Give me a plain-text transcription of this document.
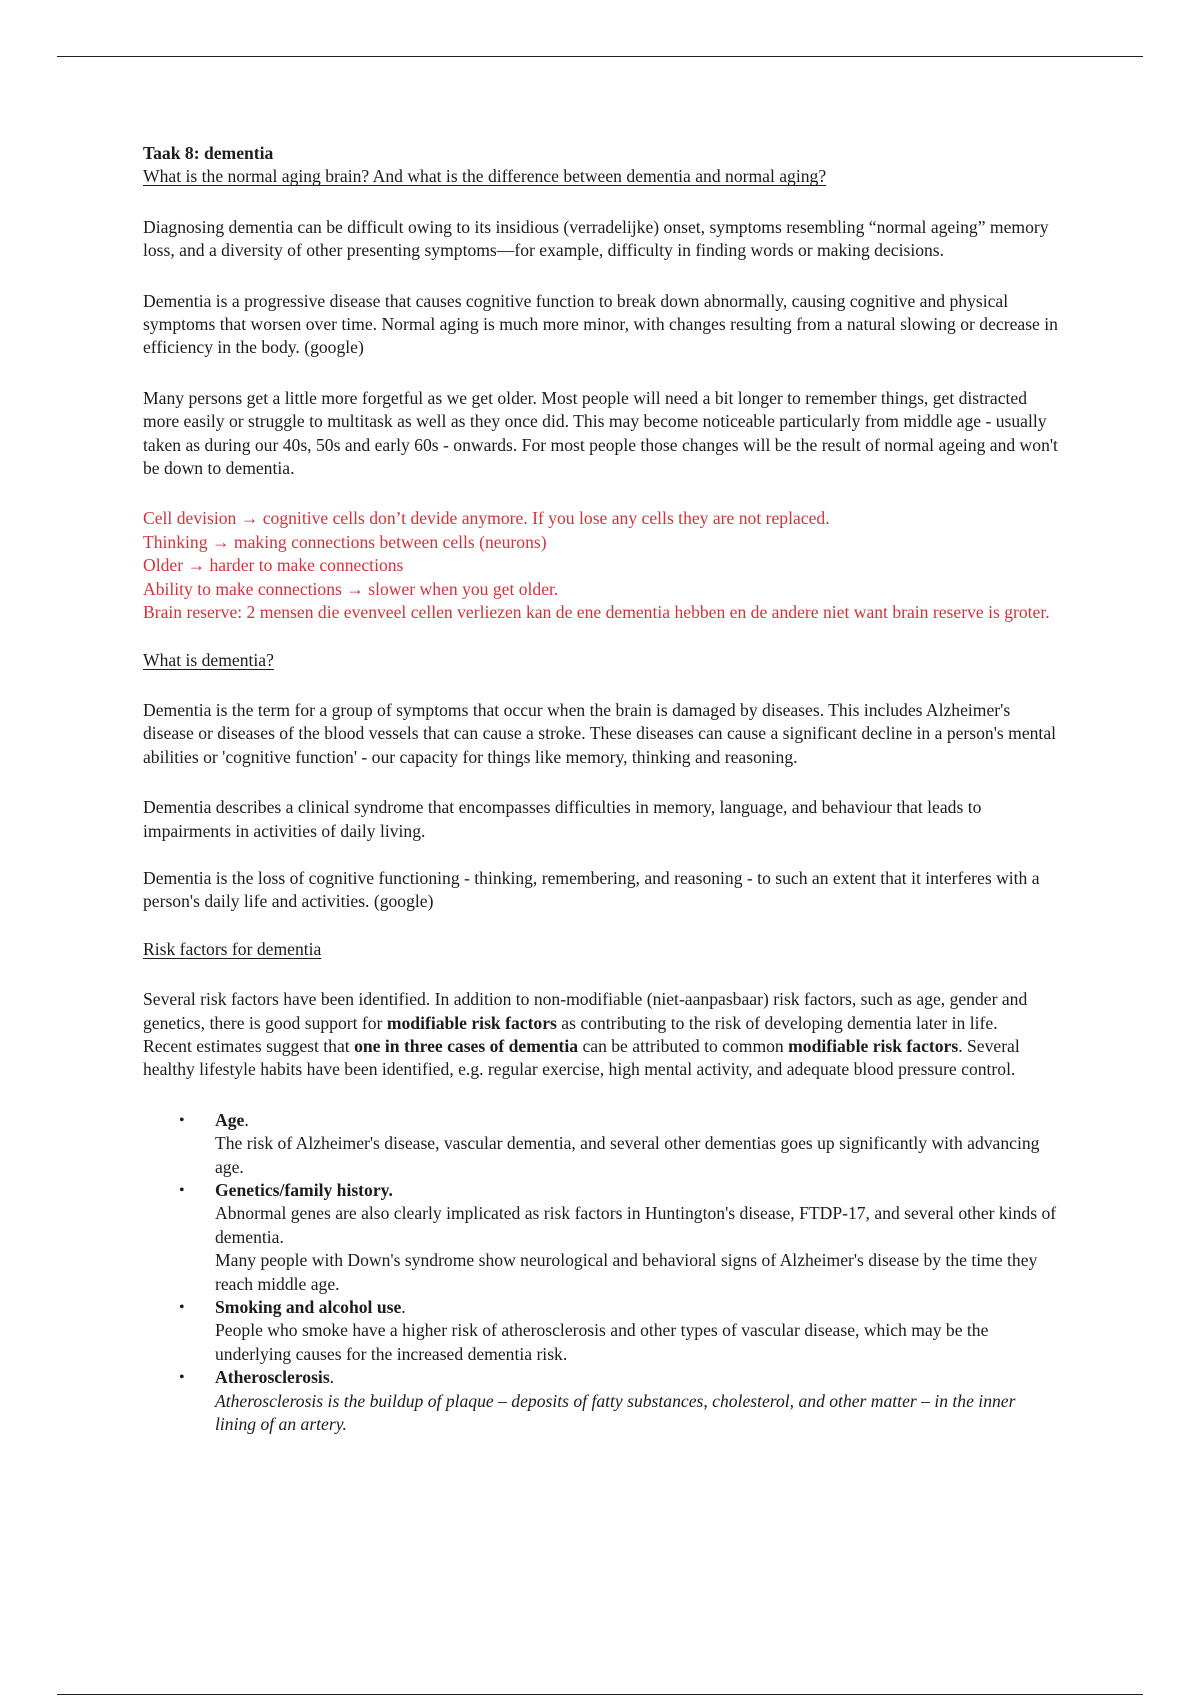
Taak 8: dementia

What is the normal aging brain? And what is the difference between dementia and normal aging?

Diagnosing dementia can be difficult owing to its insidious (verradelijke) onset, symptoms resembling “normal ageing” memory loss, and a diversity of other presenting symptoms—for example, difficulty in finding words or making decisions.

Dementia is a progressive disease that causes cognitive function to break down abnormally, causing cognitive and physical symptoms that worsen over time. Normal aging is much more minor, with changes resulting from a natural slowing or decrease in efficiency in the body. (google)

Many persons get a little more forgetful as we get older. Most people will need a bit longer to remember things, get distracted more easily or struggle to multitask as well as they once did. This may become noticeable particularly from middle age - usually taken as during our 40s, 50s and early 60s - onwards. For most people those changes will be the result of normal ageing and won't be down to dementia.

Cell devision → cognitive cells don’t devide anymore. If you lose any cells they are not replaced.

Thinking → making connections between cells (neurons)

Older → harder to make connections

Ability to make connections → slower when you get older.

Brain reserve: 2 mensen die evenveel cellen verliezen kan de ene dementia hebben en de andere niet want brain reserve is groter.

What is dementia?

Dementia is the term for a group of symptoms that occur when the brain is damaged by diseases. This includes Alzheimer's disease or diseases of the blood vessels that can cause a stroke. These diseases can cause a significant decline in a person's mental abilities or 'cognitive function' - our capacity for things like memory, thinking and reasoning.

Dementia describes a clinical syndrome that encompasses difficulties in memory, language, and behaviour that leads to impairments in activities of daily living.

Dementia is the loss of cognitive functioning - thinking, remembering, and reasoning - to such an extent that it interferes with a person's daily life and activities. (google)

Risk factors for dementia

Several risk factors have been identified. In addition to non-modifiable (niet-aanpasbaar) risk factors, such as age, gender and genetics, there is good support for modifiable risk factors as contributing to the risk of developing dementia later in life.

Recent estimates suggest that one in three cases of dementia can be attributed to common modifiable risk factors. Several healthy lifestyle habits have been identified, e.g. regular exercise, high mental activity, and adequate blood pressure control.

• Age.
The risk of Alzheimer's disease, vascular dementia, and several other dementias goes up significantly with advancing age.
• Genetics/family history.
Abnormal genes are also clearly implicated as risk factors in Huntington's disease, FTDP-17, and several other kinds of dementia.
Many people with Down's syndrome show neurological and behavioral signs of Alzheimer's disease by the time they reach middle age.
• Smoking and alcohol use.
People who smoke have a higher risk of atherosclerosis and other types of vascular disease, which may be the underlying causes for the increased dementia risk.
• Atherosclerosis.
Atherosclerosis is the buildup of plaque – deposits of fatty substances, cholesterol, and other matter – in the inner lining of an artery.
